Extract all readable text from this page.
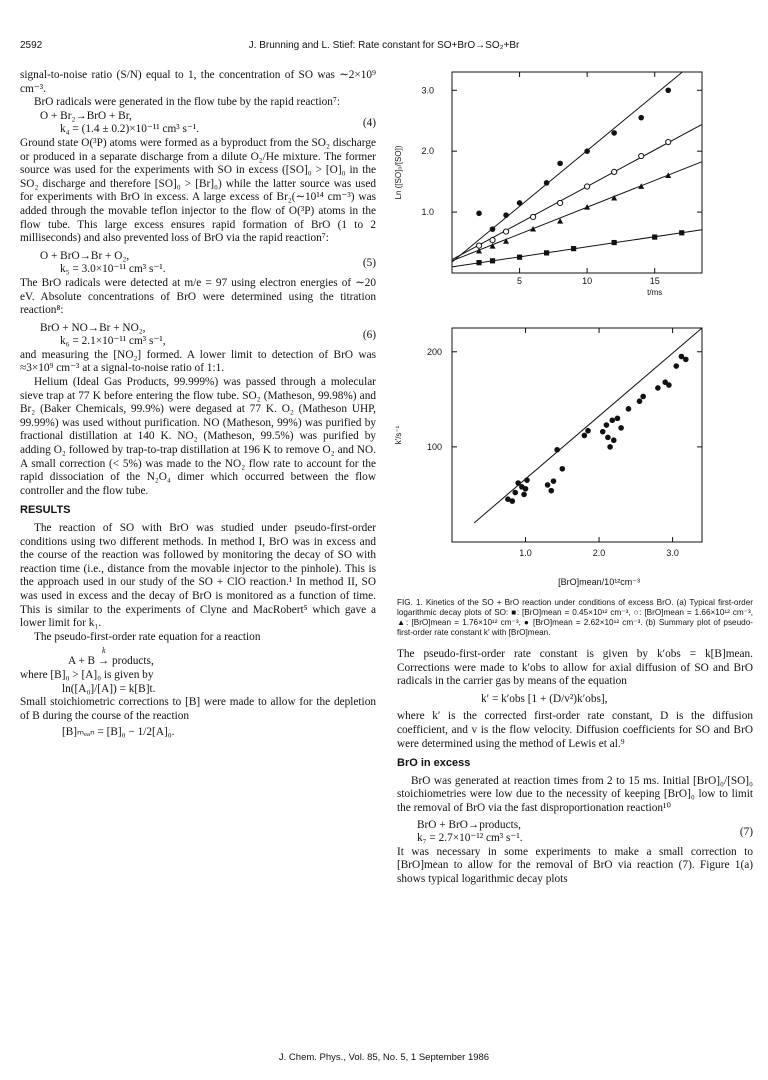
2592	J. Brunning and L. Stief: Rate constant for SO+BrO→SO₂+Br

signal-to-noise ratio (S/N) equal to 1, the concentration of SO was ∼2×10⁹ cm⁻³.

BrO radicals were generated in the flow tube by the rapid reaction⁷:

O + Br₂→BrO + Br,
k₄ = (1.4 ± 0.2)×10⁻¹¹ cm³ s⁻¹.
(4)

Ground state O(³P) atoms were formed as a byproduct from the SO₂ discharge or produced in a separate discharge from a dilute O₂/He mixture. The former source was used for the experiments with SO in excess ([SO]₀ > [O]₀ in the SO₂ discharge and therefore [SO]₀ > [Br]₀) while the latter source was used for experiments with BrO in excess. A large excess of Br₂(∼10¹⁴ cm⁻³) was added through the movable teflon injector to the flow of O(³P) atoms in the flow tube. This large excess ensures rapid formation of BrO (1 to 2 milliseconds) and also prevented loss of BrO via the rapid reaction⁷:

O + BrO→Br + O₂,
k₅ = 3.0×10⁻¹¹ cm³ s⁻¹.
(5)

The BrO radicals were detected at m/e = 97 using electron energies of ∼20 eV. Absolute concentrations of BrO were determined using the titration reaction⁸:

BrO + NO→Br + NO₂,
k₆ = 2.1×10⁻¹¹ cm³ s⁻¹,
(6)

and measuring the [NO₂] formed. A lower limit to detection of BrO was ≈3×10⁹ cm⁻³ at a signal-to-noise ratio of 1:1.

Helium (Ideal Gas Products, 99.999%) was passed through a molecular sieve trap at 77 K before entering the flow tube. SO₂ (Matheson, 99.98%) and Br₂ (Baker Chemicals, 99.9%) were degased at 77 K. O₂ (Matheson UHP, 99.99%) was used without purification. NO (Matheson, 99%) was purified by fractional distillation at 140 K. NO₂ (Matheson, 99.5%) was purified by adding O₂ followed by trap-to-trap distillation at 196 K to remove O₂ and NO. A small correction (< 5%) was made to the NO₂ flow rate to account for the rapid dissociation of the N₂O₄ dimer which occurred between the flow controller and the flow tube.

RESULTS

The reaction of SO with BrO was studied under pseudo-first-order conditions using two different methods. In method I, BrO was in excess and the course of the reaction was followed by monitoring the decay of SO with reaction time (i.e., distance from the movable injector to the pinhole). This is the approach used in our study of the SO + ClO reaction.¹ In method II, SO was used in excess and the decay of BrO is monitored as a function of time. This is similar to the experiments of Clyne and MacRobert⁵ which gave a lower limit for k₁.

The pseudo-first-order rate equation for a reaction

k
A + B → products,

where [B]₀ > [A]₀ is given by

ln([A₀]/[A]) = k[B]t.

Small stoichiometric corrections to [B] were made to allow for the depletion of B during the course of the reaction

[B]ₘₑₐₙ = [B]₀ − 1/2[A]₀.
5	10	15
1.0
2.0
3.0
t/ms
Ln ([SO]₀/[SO])
1.0	2.0	3.0
100
200
[BrO]mean/10¹²cm⁻³
k′/s⁻¹

FIG. 1. Kinetics of the SO + BrO reaction under conditions of excess BrO. (a) Typical first-order logarithmic decay plots of SO: ■: [BrO]mean = 0.45×10¹² cm⁻³, ○: [BrO]mean = 1.66×10¹² cm⁻³, ▲: [BrO]mean = 1.76×10¹² cm⁻³, ● [BrO]mean = 2.62×10¹² cm⁻³. (b) Summary plot of pseudo-first-order rate constant k′ with [BrO]mean.

The pseudo-first-order rate constant is given by k′obs = k[B]mean. Corrections were made to k′obs to allow for axial diffusion of SO and BrO radicals in the carrier gas by means of the equation

k′ = k′obs [1 + (D/v²)k′obs],

where k′ is the corrected first-order rate constant, D is the diffusion coefficient, and v is the flow velocity. Diffusion coefficients for SO and BrO were determined using the method of Lewis et al.⁹

BrO in excess

BrO was generated at reaction times from 2 to 15 ms. Initial [BrO]₀/[SO]₀ stoichiometries were low due to the necessity of keeping [BrO]₀ low to limit the removal of BrO via the fast disproportionation reaction¹⁰

BrO + BrO→products,
k₇ = 2.7×10⁻¹² cm³ s⁻¹.
(7)

It was necessary in some experiments to make a small correction to [BrO]mean to allow for the removal of BrO via reaction (7). Figure 1(a) shows typical logarithmic decay plots

J. Chem. Phys., Vol. 85, No. 5, 1 September 1986
